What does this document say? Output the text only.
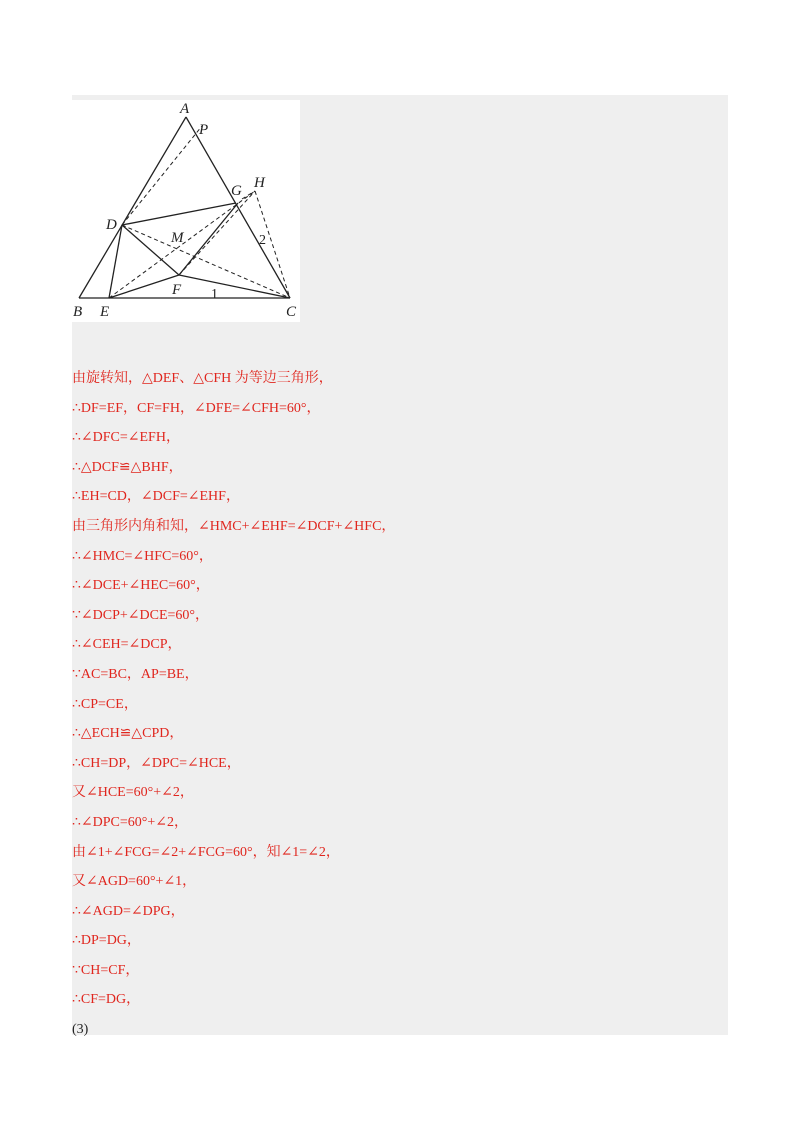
A
P
G H
D
M
F
B E	C
1
2
由旋转知，△DEF、△CFH 为等边三角形，
∴DF=EF，CF=FH，∠DFE=∠CFH=60°，
∴∠DFC=∠EFH，
∴△DCF≌△BHF，
∴EH=CD，∠DCF=∠EHF，
由三角形内角和知，∠HMC+∠EHF=∠DCF+∠HFC，
∴∠HMC=∠HFC=60°，
∴∠DCE+∠HEC=60°，
∵∠DCP+∠DCE=60°，
∴∠CEH=∠DCP，
∵AC=BC，AP=BE，
∴CP=CE，
∴△ECH≌△CPD，
∴CH=DP，∠DPC=∠HCE，
又∠HCE=60°+∠2，
∴∠DPC=60°+∠2，
由∠1+∠FCG=∠2+∠FCG=60°，知∠1=∠2，
又∠AGD=60°+∠1，
∴∠AGD=∠DPG，
∴DP=DG，
∵CH=CF，
∴CF=DG，
(3)
